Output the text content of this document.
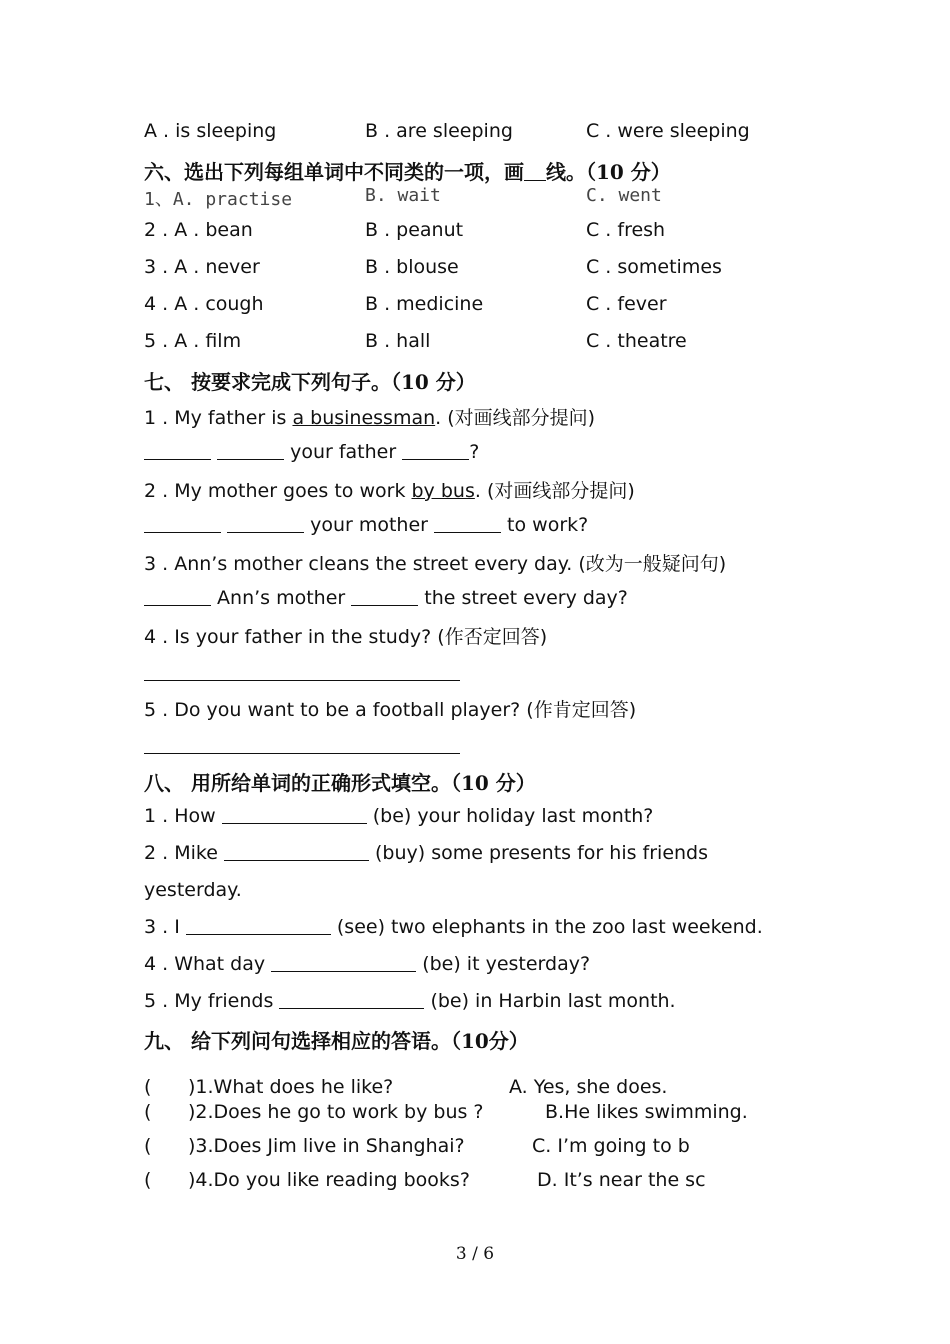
A . is sleeping	B . are sleeping	C . were sleeping
六、选出下列每组单词中不同类的一项，画 线。（10 分）
1、A. practise	B. wait	C. went
2 . A . bean	B . peanut	C . fresh
3 . A . never	B . blouse	C . sometimes
4 . A . cough	B . medicine	C . fever
5 . A . film	B . hall	C . theatre
七、 按要求完成下列句子。（10 分）
1 . My father is a businessman. (对画线部分提问)
your father	?
2 . My mother goes to work by bus. (对画线部分提问)
your mother	to work?
3 . Ann’s mother cleans the street every day. (改为一般疑问句)
Ann’s mother	the street every day?
4 . Is your father in the study? (作否定回答)
5 . Do you want to be a football player? (作肯定回答)
八、 用所给单词的正确形式填空。（10 分）
1 . How	(be) your holiday last month?
2 . Mike	(buy) some presents for his friends
yesterday.
3 . I	(see) two elephants in the zoo last weekend.
4 . What day	(be) it yesterday?
5 . My friends	(be) in Harbin last month.
九、 给下列问句选择相应的答语。（10分）
( )1.What does he like?	A. Yes, she does.
( )2.Does he go to work by bus ?	B.He likes swimming.
( )3.Does Jim live in Shanghai?	C. I’m going to b
( )4.Do you like reading books?	D. It’s near the sc
3 / 6
